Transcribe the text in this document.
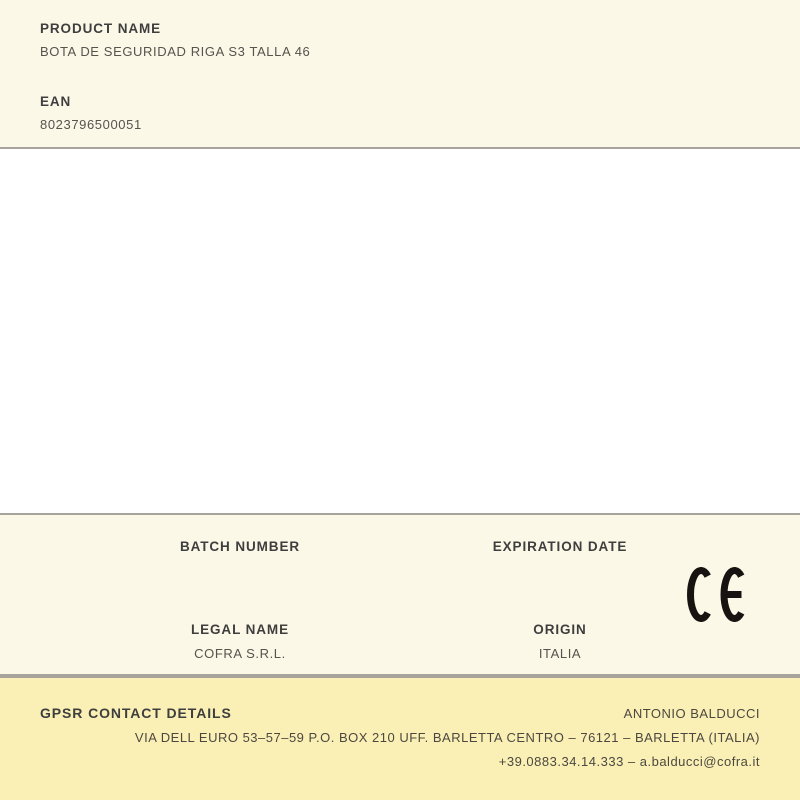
PRODUCT NAME
BOTA DE SEGURIDAD RIGA S3 TALLA 46
EAN
8023796500051
BATCH NUMBER	EXPIRATION DATE
LEGAL NAME
COFRA S.R.L.
ORIGIN
ITALIA
GPSR CONTACT DETAILS	ANTONIO BALDUCCI
VIA DELL EURO 53–57–59 P.O. BOX 210 UFF. BARLETTA CENTRO – 76121 – BARLETTA (ITALIA)
+39.0883.34.14.333 – a.balducci@cofra.it
